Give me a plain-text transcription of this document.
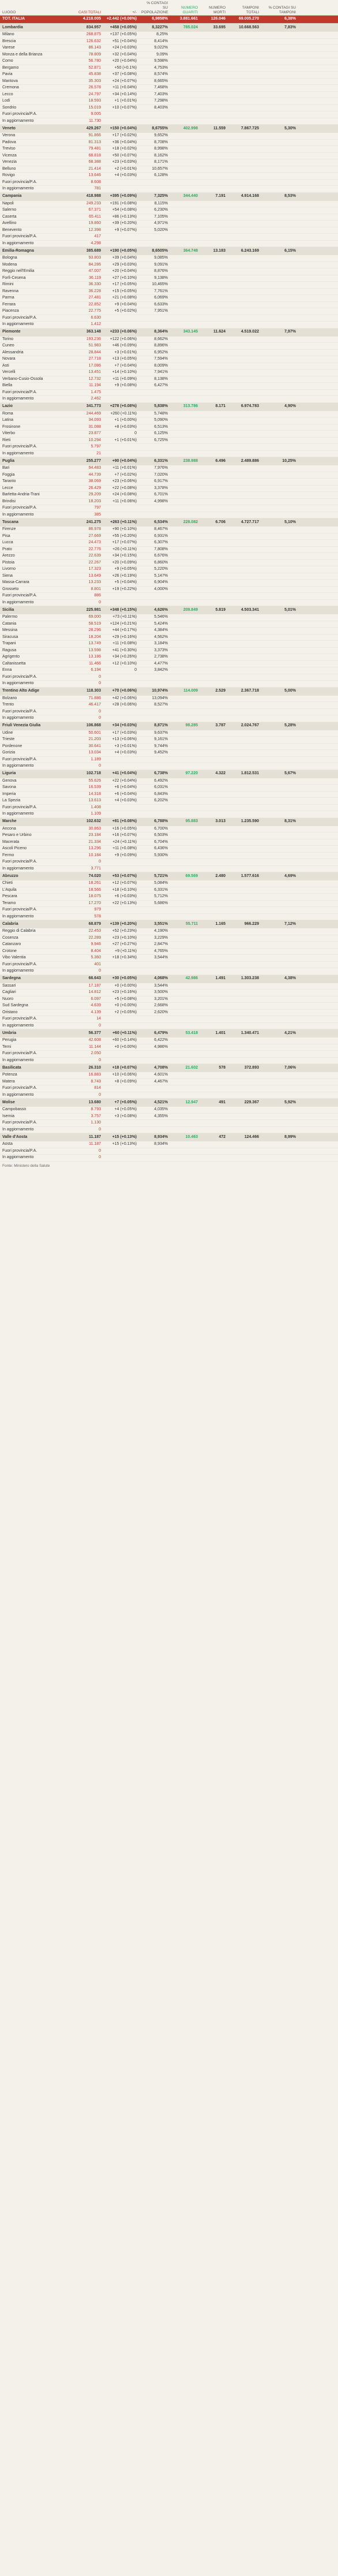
LUOGO	CASI TOTALI	+/-	% CONTAGI SU POPOLAZIONE	NUMERO GUARITI	NUMERO MORTI	TAMPONI TOTALI	% CONTAGI SU TAMPONI	
TOT. ITALIA	4.218.005	+2.442 (+0.06%)	6,9858%	3.881.661	126.046	69.005.270	6,38%	
Lombardia	834.957	+458 (+0.05%)	8,3227%	785.024	33.695	10.668.563	7,83%	
Milano	268.875	+137 (+0.05%)	8,25%					
Brescia	126.632	+51 (+0.04%)	8,414%					
Varese	86.143	+24 (+0.03%)	9,022%					
Monza e della Brianza	78.809	+32 (+0.04%)	9,09%					
Como	56.780	+20 (+0.04%)	9,598%					
Bergamo	52.871	+50 (+0.1%)	4,753%					
Pavia	45.838	+37 (+0.08%)	8,574%					
Mantova	35.303	+24 (+0.07%)	8,665%					
Cremona	26.578	+11 (+0.04%)	7,468%					
Lecco	24.797	+34 (+0.14%)	7,403%					
Lodi	18.593	+1 (+0.01%)	7,298%					
Sondrio	15.019	+10 (+0.07%)	8,403%					
Fuori provincia/P.A.	9.005							
In aggiornamento	11.730							
Veneto	429.267	+150 (+0.04%)	8,6755%	402.998	11.559	7.867.725	5,30%	
Verona	91.866	+17 (+0.02%)	9,652%					
Padova	81.313	+36 (+0.04%)	8,708%					
Treviso	79.481	+18 (+0.02%)	8,998%					
Vicenza	68.818	+50 (+0.07%)	8,162%					
Venezia	68.388	+23 (+0.03%)	8,171%					
Belluno	21.414	+2 (+0.01%)	10,657%					
Rovigo	13.646	+4 (+0.03%)	6,128%					
Fuori provincia/P.A.	8.608							
In aggiornamento	781							
Campania	418.988	+395 (+0.09%)	7,325%	344.440	7.191	4.914.168	8,53%	
Napoli	249.233	+191 (+0.08%)	8,115%					
Salerno	67.371	+54 (+0.08%)	6,230%					
Caserta	65.411	+86 (+0.13%)	7,105%					
Avellino	19.860	+39 (+0.20%)	4,971%					
Benevento	12.398	+9 (+0.07%)	5,020%					
Fuori provincia/P.A.	417							
In aggiornamento	4.298							
Emilia-Romagna	385.689	+190 (+0.05%)	8,6505%	364.748	13.183	6.243.169	6,15%	
Bologna	93.803	+39 (+0.04%)	9,085%					
Modena	84.286	+29 (+0.03%)	9,091%					
Reggio nell'Emilia	47.007	+20 (+0.04%)	8,876%					
Forlì-Cesena	36.119	+27 (+0.10%)	9,138%					
Rimini	36.330	+17 (+0.05%)	10,465%					
Ravenna	36.228	+15 (+0.05%)	7,761%					
Parma	27.481	+21 (+0.08%)	6,069%					
Ferrara	22.852	+9 (+0.04%)	6,633%					
Piacenza	22.775	+5 (+0.02%)	7,951%					
Fuori provincia/P.A.	6.630							
In aggiornamento	1.412							
Piemonte	363.148	+233 (+0.06%)	8,364%	343.145	11.624	4.519.022	7,97%	
Torino	193.236	+122 (+0.06%)	8,662%					
Cuneo	51.983	+46 (+0.09%)	8,896%					
Alessandria	28.844	+3 (+0.01%)	6,952%					
Novara	27.718	+13 (+0.05%)	7,594%					
Asti	17.086	+7 (+0.04%)	8,009%					
Vercelli	13.451	+14 (+0.10%)	7,941%					
Verbano-Cusio-Ossola	12.732	+11 (+0.09%)	8,138%					
Biella	11.194	+9 (+0.08%)	6,427%					
Fuori provincia/P.A.	1.475							
In aggiornamento	2.462							
Lazio	341.773	+278 (+0.08%)	5,838%	313.786	8.171	6.974.783	4,90%	
Roma	244.469	+260 (+0.11%)	5,748%					
Latina	34.093	+1 (+0.00%)	5,090%					
Frosinone	31.088	+8 (+0.03%)	6,513%					
Viterbo	23.877	0	6,125%					
Rieti	10.294	+1 (+0.01%)	6,725%					
Fuori provincia/P.A.	5.797							
In aggiornamento	21							
Puglia	255.277	+90 (+0.04%)	6,331%	238.988	6.496	2.489.886	10,25%	
Bari	94.483	+11 (+0.01%)	7,976%					
Foggia	44.739	+7 (+0.02%)	7,020%					
Taranto	38.069	+23 (+0.06%)	6,917%					
Lecce	26.429	+22 (+0.08%)	3,378%					
Barletta-Andria-Trani	29.209	+24 (+0.08%)	6,701%					
Brindisi	18.203	+11 (+0.06%)	4,998%					
Fuori provincia/P.A.	797							
In aggiornamento	385							
Toscana	241.275	+263 (+0.11%)	6,534%	228.082	6.706	4.727.717	5,10%	
Firenze	86.978	+90 (+0.10%)	8,467%					
Pisa	27.669	+55 (+0.20%)	6,931%					
Lucca	24.473	+17 (+0.07%)	6,307%					
Prato	22.776	+26 (+0.11%)	7,808%					
Arezzo	22.639	+34 (+0.15%)	6,676%					
Pistoia	22.267	+20 (+0.09%)	6,860%					
Livorno	17.323	+9 (+0.05%)	5,220%					
Siena	13.649	+26 (+0.19%)	5,147%					
Massa-Carrara	13.233	+5 (+0.04%)	6,904%					
Grosseto	8.801	+19 (+0.22%)	4,000%					
Fuori provincia/P.A.	886							
In aggiornamento	0							
Sicilia	225.981	+348 (+0.15%)	4,626%	209.849	5.819	4.503.341	5,01%	
Palermo	69.000	+73 (+0.11%)	5,546%					
Catania	58.519	+124 (+0.21%)	5,424%					
Messina	28.296	+44 (+0.17%)	4,384%					
Siracusa	18.204	+29 (+0.16%)	4,562%					
Trapani	13.749	+11 (+0.08%)	3,184%					
Ragusa	13.598	+41 (+0.30%)	3,373%					
Agrigento	13.186	+34 (+0.26%)	2,738%					
Caltanissetta	11.466	+12 (+0.10%)	4,477%					
Enna	6.194	0	3,842%					
Fuori provincia/P.A.	0							
In aggiornamento	0							
Trentino Alto Adige	118.303	+70 (+0.06%)	10,974%	114.009	2.529	2.367.718	5,00%	
Bolzano	71.886	+42 (+0.06%)	13,094%					
Trento	46.417	+28 (+0.06%)	8,527%					
Fuori provincia/P.A.	0							
In aggiornamento	0							
Friuli Venezia Giulia	106.868	+34 (+0.03%)	8,871%	98.285	3.787	2.024.767	5,28%	
Udine	50.601	+17 (+0.03%)	9,637%					
Trieste	21.203	+13 (+0.06%)	9,161%					
Pordenone	30.641	+3 (+0.01%)	9,744%					
Gorizia	13.034	+4 (+0.03%)	9,452%					
Fuori provincia/P.A.	1.189							
In aggiornamento	0							
Liguria	102.718	+41 (+0.04%)	6,738%	97.220	4.322	1.812.531	5,67%	
Genova	55.626	+22 (+0.04%)	6,492%					
Savona	16.539	+6 (+0.04%)	6,031%					
Imperia	14.318	+6 (+0.04%)	6,843%					
La Spezia	13.613	+4 (+0.03%)	6,202%					
Fuori provincia/P.A.	1.408							
In aggiornamento	1.109							
Marche	102.632	+81 (+0.08%)	6,788%	95.883	3.013	1.235.590	8,31%	
Ancona	30.863	+16 (+0.05%)	6,700%					
Pesaro e Urbino	23.184	+16 (+0.07%)	6,503%					
Macerata	21.334	+24 (+0.11%)	6,704%					
Ascoli Piceno	13.296	+11 (+0.08%)	6,436%					
Fermo	10.184	+9 (+0.09%)	5,930%					
Fuori provincia/P.A.	0							
In aggiornamento	3.771							
Abruzzo	74.020	+53 (+0.07%)	5,721%	69.569	2.480	1.577.616	4,69%	
Chieti	18.261	+12 (+0.07%)	5,084%					
L'Aquila	18.566	+18 (+0.10%)	6,331%					
Pescara	18.075	+6 (+0.03%)	5,712%					
Teramo	17.270	+22 (+0.13%)	5,686%					
Fuori provincia/P.A.	979							
In aggiornamento	578							
Calabria	68.879	+139 (+0.20%)	3,551%	55.711	1.165	966.229	7,12%	
Reggio di Calabria	22.453	+52 (+0.23%)	4,190%					
Cosenza	22.289	+23 (+0.10%)	3,229%					
Catanzaro	9.946	+27 (+0.27%)	2,847%					
Crotone	8.404	+9 (+0.11%)	4,765%					
Vibo Valentia	5.360	+18 (+0.34%)	3,544%					
Fuori provincia/P.A.	401							
In aggiornamento	0							
Sardegna	66.643	+30 (+0.05%)	4,068%	42.986	1.491	1.303.238	4,38%	
Sassari	17.187	+0 (+0.00%)	3,544%					
Cagliari	14.812	+23 (+0.16%)	3,500%					
Nuoro	6.097	+5 (+0.08%)	3,201%					
Sud Sardegna	4.639	+0 (+0.00%)	2,668%					
Oristano	4.139	+2 (+0.05%)	2,620%					
Fuori provincia/P.A.	14							
In aggiornamento	0							
Umbria	56.377	+60 (+0.11%)	6,479%	53.418	1.401	1.340.471	4,21%	
Perugia	42.608	+60 (+0.14%)	6,422%					
Terni	11.144	+0 (+0.00%)	4,986%					
Fuori provincia/P.A.	2.050							
In aggiornamento	0							
Basilicata	26.310	+18 (+0.07%)	4,708%	21.602	578	372.893	7,06%	
Potenza	16.883	+10 (+0.06%)	4,601%					
Matera	8.743	+8 (+0.09%)	4,467%					
Fuori provincia/P.A.	814							
In aggiornamento	0							
Molise	13.680	+7 (+0.05%)	4,521%	12.947	491	229.367	5,92%	
Campobasso	8.793	+4 (+0.05%)	4,035%					
Isernia	3.757	+3 (+0.08%)	4,355%					
Fuori provincia/P.A.	1.130							
In aggiornamento	0							
Valle d'Aosta	11.187	+15 (+0.13%)	8,934%	10.463	472	124.466	8,99%	
Aosta	11.187	+15 (+0.13%)	8,934%					
Fuori provincia/P.A.	0							
In aggiornamento	0							
Fonte: Ministero della Salute
